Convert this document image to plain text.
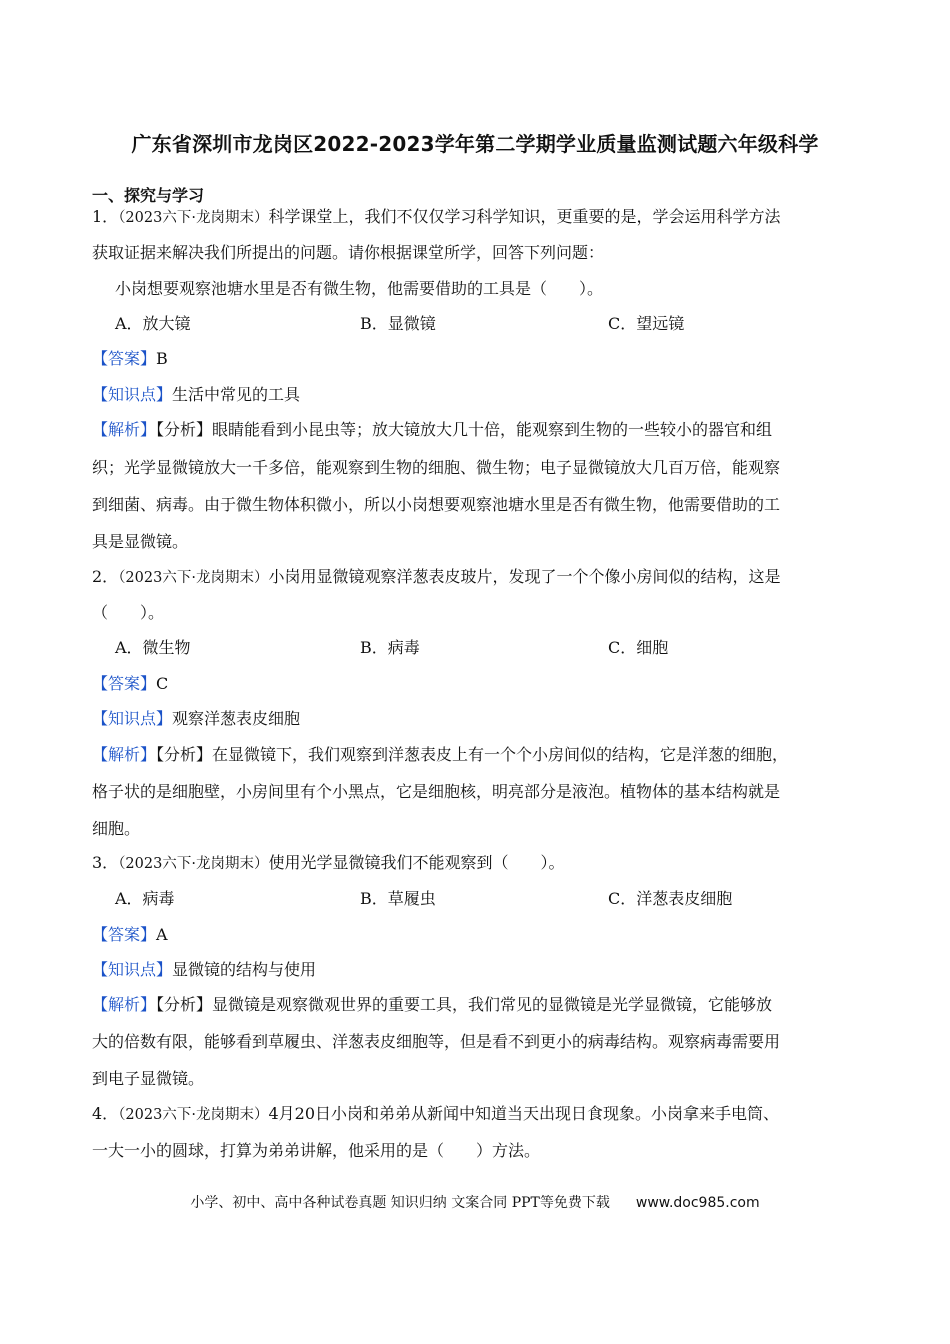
广东省深圳市龙岗区2022-2023学年第二学期学业质量监测试题六年级科学
一、探究与学习
1．（2023六下·龙岗期末）科学课堂上，我们不仅仅学习科学知识，更重要的是，学会运用科学方法
获取证据来解决我们所提出的问题。请你根据课堂所学，回答下列问题：
小岗想要观察池塘水里是否有微生物，他需要借助的工具是（　　）。
A．放大镜	B．显微镜	C．望远镜
【答案】B
【知识点】生活中常见的工具
【解析】【分析】眼睛能看到小昆虫等；放大镜放大几十倍，能观察到生物的一些较小的器官和组
织；光学显微镜放大一千多倍，能观察到生物的细胞、微生物；电子显微镜放大几百万倍，能观察
到细菌、病毒。由于微生物体积微小，所以小岗想要观察池塘水里是否有微生物，他需要借助的工
具是显微镜。
2．（2023六下·龙岗期末）小岗用显微镜观察洋葱表皮玻片，发现了一个个像小房间似的结构，这是
（　　）。
A．微生物	B．病毒	C．细胞
【答案】C
【知识点】观察洋葱表皮细胞
【解析】【分析】在显微镜下，我们观察到洋葱表皮上有一个个小房间似的结构，它是洋葱的细胞，
格子状的是细胞壁，小房间里有个小黑点，它是细胞核，明亮部分是液泡。植物体的基本结构就是
细胞。
3．（2023六下·龙岗期末）使用光学显微镜我们不能观察到（　　）。
A．病毒	B．草履虫	C．洋葱表皮细胞
【答案】A
【知识点】显微镜的结构与使用
【解析】【分析】显微镜是观察微观世界的重要工具，我们常见的显微镜是光学显微镜，它能够放
大的倍数有限，能够看到草履虫、洋葱表皮细胞等，但是看不到更小的病毒结构。观察病毒需要用
到电子显微镜。
4．（2023六下·龙岗期末）4月20日小岗和弟弟从新闻中知道当天出现日食现象。小岗拿来手电筒、
一大一小的圆球，打算为弟弟讲解，他采用的是（　　）方法。
小学、初中、高中各种试卷真题 知识归纳 文案合同 PPT等免费下载 www.doc985.com
